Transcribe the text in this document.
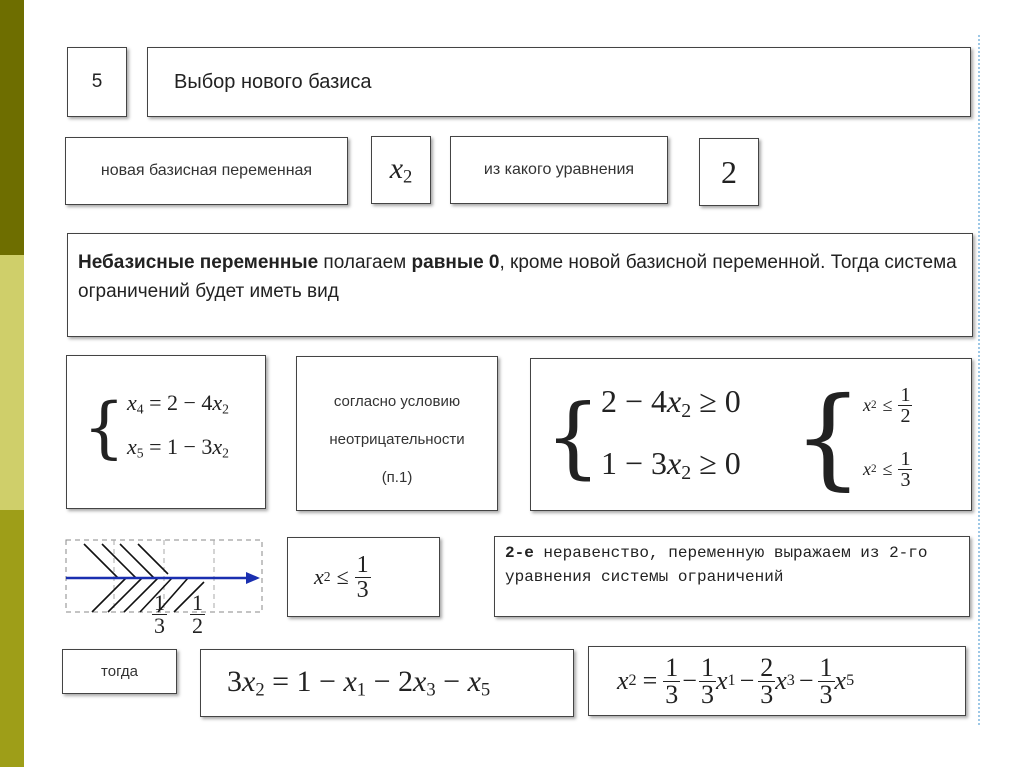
5	Выбор нового базиса
новая базисная переменная	$x_2$	из какого уравнения	2
Небазисные переменные полагаем равные 0, кроме новой базисной переменной. Тогда система ограничений будет иметь вид
{ $x_4 = 2 - 4x_2$
$x_5 = 1 - 3x_2$
согласно условию
неотрицательности
(п.1)	{ $2 - 4x_2 \ge 0$
$1 - 3x_2 \ge 0$ { x $2 \le \frac{1}{2}$
x $2 \le \frac{1}{3}$
$\frac{1}{3} \frac{1}{2}$
x $2 \le \frac{1}{3}$	2-е неравенство, переменную выражаем из 2-го уравнения системы ограничений
тогда	$3x_2 = 1 - x_1 - 2x_3 - x_5$	x $2 = \frac{1}{3} - \frac{1}{3}$ x $1 - \frac{2}{3}$ x $3 - \frac{1}{3}$ x 5
